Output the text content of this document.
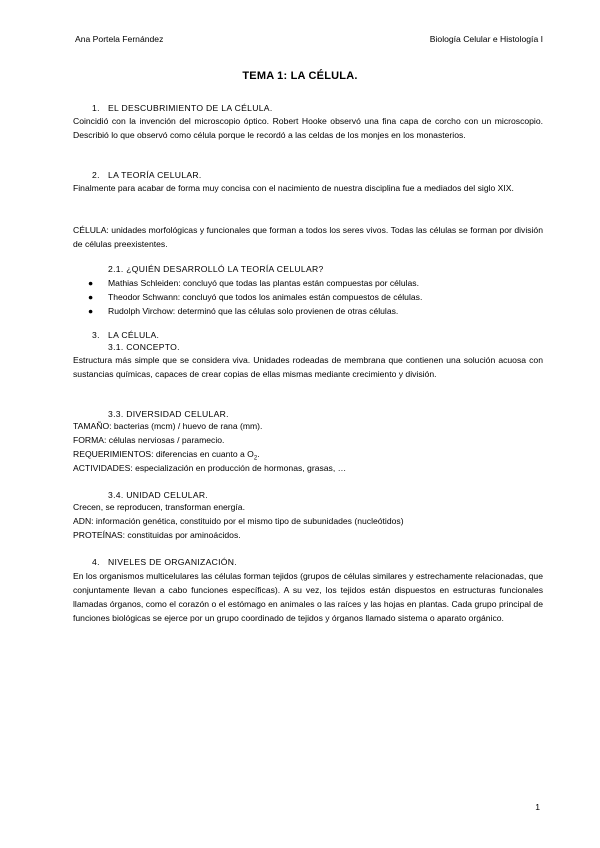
Ana Portela Fernández	Biología Celular e Histología I
TEMA 1: LA CÉLULA.
1. EL DESCUBRIMIENTO DE LA CÉLULA.
Coincidió con la invención del microscopio óptico. Robert Hooke observó una fina capa de corcho con un microscopio. Describió lo que observó como célula porque le recordó a las celdas de los monjes en los monasterios.
2. LA TEORÍA CELULAR.
Finalmente para acabar de forma muy concisa con el nacimiento de nuestra disciplina fue a mediados del siglo XIX.
CÉLULA: unidades morfológicas y funcionales que forman a todos los seres vivos. Todas las células se forman por división de células preexistentes.
2.1. ¿QUIÉN DESARROLLÓ LA TEORÍA CELULAR?
● Mathias Schleiden: concluyó que todas las plantas están compuestas por células.
● Theodor Schwann: concluyó que todos los animales están compuestos de células.
● Rudolph Virchow: determinó que las células solo provienen de otras células.
3. LA CÉLULA.
3.1. CONCEPTO.
Estructura más simple que se considera viva. Unidades rodeadas de membrana que contienen una solución acuosa con sustancias químicas, capaces de crear copias de ellas mismas mediante crecimiento y división.
3.3. DIVERSIDAD CELULAR.
TAMAÑO: bacterias (mcm) / huevo de rana (mm).
FORMA: células nerviosas / paramecio.
REQUERIMIENTOS: diferencias en cuanto a $O_2$.
ACTIVIDADES: especialización en producción de hormonas, grasas, …
3.4. UNIDAD CELULAR.
Crecen, se reproducen, transforman energía.
ADN: información genética, constituido por el mismo tipo de subunidades (nucleótidos)
PROTEÍNAS: constituidas por aminoácidos.
4. NIVELES DE ORGANIZACIÓN.
En los organismos multicelulares las células forman tejidos (grupos de células similares y estrechamente relacionadas, que conjuntamente llevan a cabo funciones específicas). A su vez, los tejidos están dispuestos en estructuras funcionales llamadas órganos, como el corazón o el estómago en animales o las raíces y las hojas en plantas. Cada grupo principal de funciones biológicas se ejerce por un grupo coordinado de tejidos y órganos llamado sistema o aparato orgánico.
1
